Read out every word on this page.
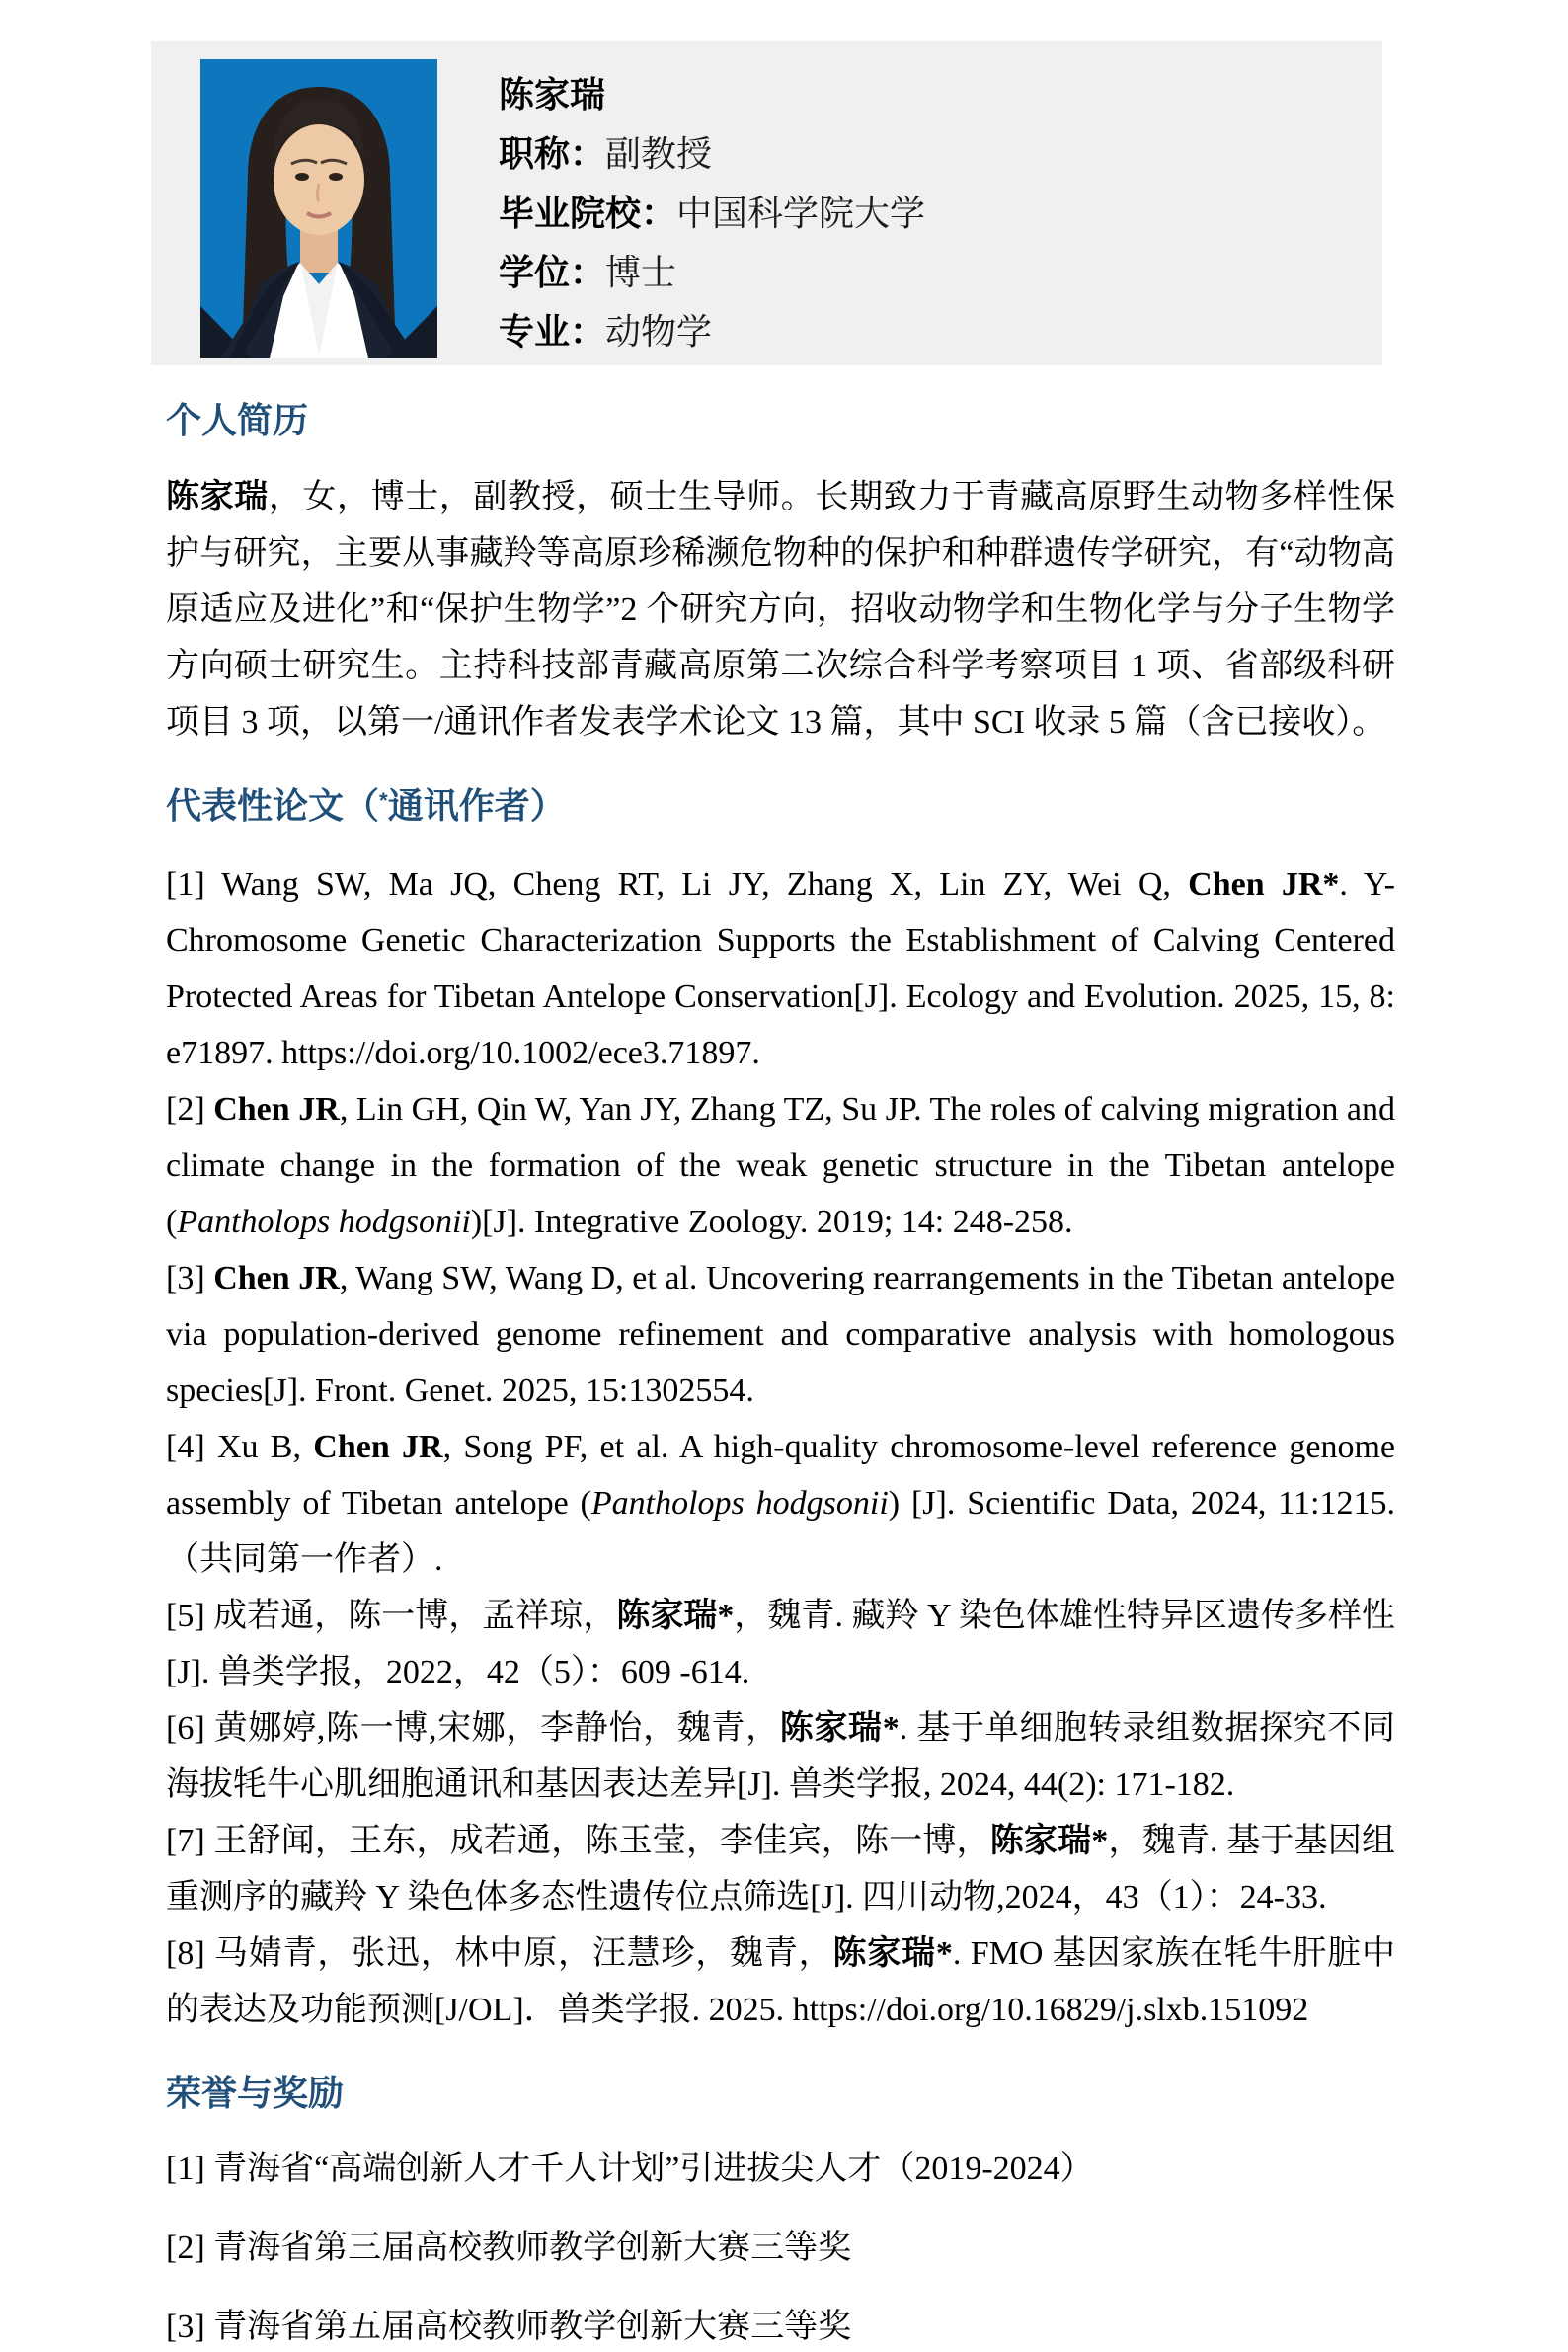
陈家瑞
职称：副教授
毕业院校：中国科学院大学
学位：博士
专业：动物学
个人简历

陈家瑞，女，博士，副教授，硕士生导师。长期致力于青藏高原野生动物多样性保护与研究，主要从事藏羚等高原珍稀濒危物种的保护和种群遗传学研究，有“动物高原适应及进化”和“保护生物学”2 个研究方向，招收动物学和生物化学与分子生物学方向硕士研究生。主持科技部青藏高原第二次综合科学考察项目 1 项、省部级科研项目 3 项，以第一/通讯作者发表学术论文 13 篇，其中 SCI 收录 5 篇（含已接收）。

代表性论文（*通讯作者）

[1] Wang SW, Ma JQ, Cheng RT, Li JY, Zhang X, Lin ZY, Wei Q, Chen JR*. Y-Chromosome Genetic Characterization Supports the Establishment of Calving Centered Protected Areas for Tibetan Antelope Conservation[J]. Ecology and Evolution. 2025, 15, 8: e71897. https://doi.org/10.1002/ece3.71897.

[2] Chen JR, Lin GH, Qin W, Yan JY, Zhang TZ, Su JP. The roles of calving migration and climate change in the formation of the weak genetic structure in the Tibetan antelope (Pantholops hodgsonii)[J]. Integrative Zoology. 2019; 14: 248-258.

[3] Chen JR, Wang SW, Wang D, et al. Uncovering rearrangements in the Tibetan antelope via population-derived genome refinement and comparative analysis with homologous species[J]. Front. Genet. 2025, 15:1302554.

[4] Xu B, Chen JR, Song PF, et al. A high-quality chromosome-level reference genome assembly of Tibetan antelope (Pantholops hodgsonii) [J]. Scientific Data, 2024, 11:1215.（共同第一作者）.

[5] 成若通，陈一博，孟祥琼，陈家瑞*，魏青. 藏羚 Y 染色体雄性特异区遗传多样性[J]. 兽类学报，2022，42（5）：609 -614.

[6] 黄娜婷,陈一博,宋娜，李静怡，魏青，陈家瑞*. 基于单细胞转录组数据探究不同海拔牦牛心肌细胞通讯和基因表达差异[J]. 兽类学报, 2024, 44(2): 171-182.

[7] 王舒闻，王东，成若通，陈玉莹，李佳宾，陈一博，陈家瑞*，魏青. 基于基因组重测序的藏羚 Y 染色体多态性遗传位点筛选[J]. 四川动物,2024，43（1）：24-33.

[8] 马婧青，张迅，林中原，汪慧珍，魏青，陈家瑞*. FMO 基因家族在牦牛肝脏中的表达及功能预测[J/OL]．兽类学报. 2025. https://doi.org/10.16829/j.slxb.151092

荣誉与奖励

[1] 青海省“高端创新人才千人计划”引进拔尖人才（2019-2024）

[2] 青海省第三届高校教师教学创新大赛三等奖

[3] 青海省第五届高校教师教学创新大赛三等奖
